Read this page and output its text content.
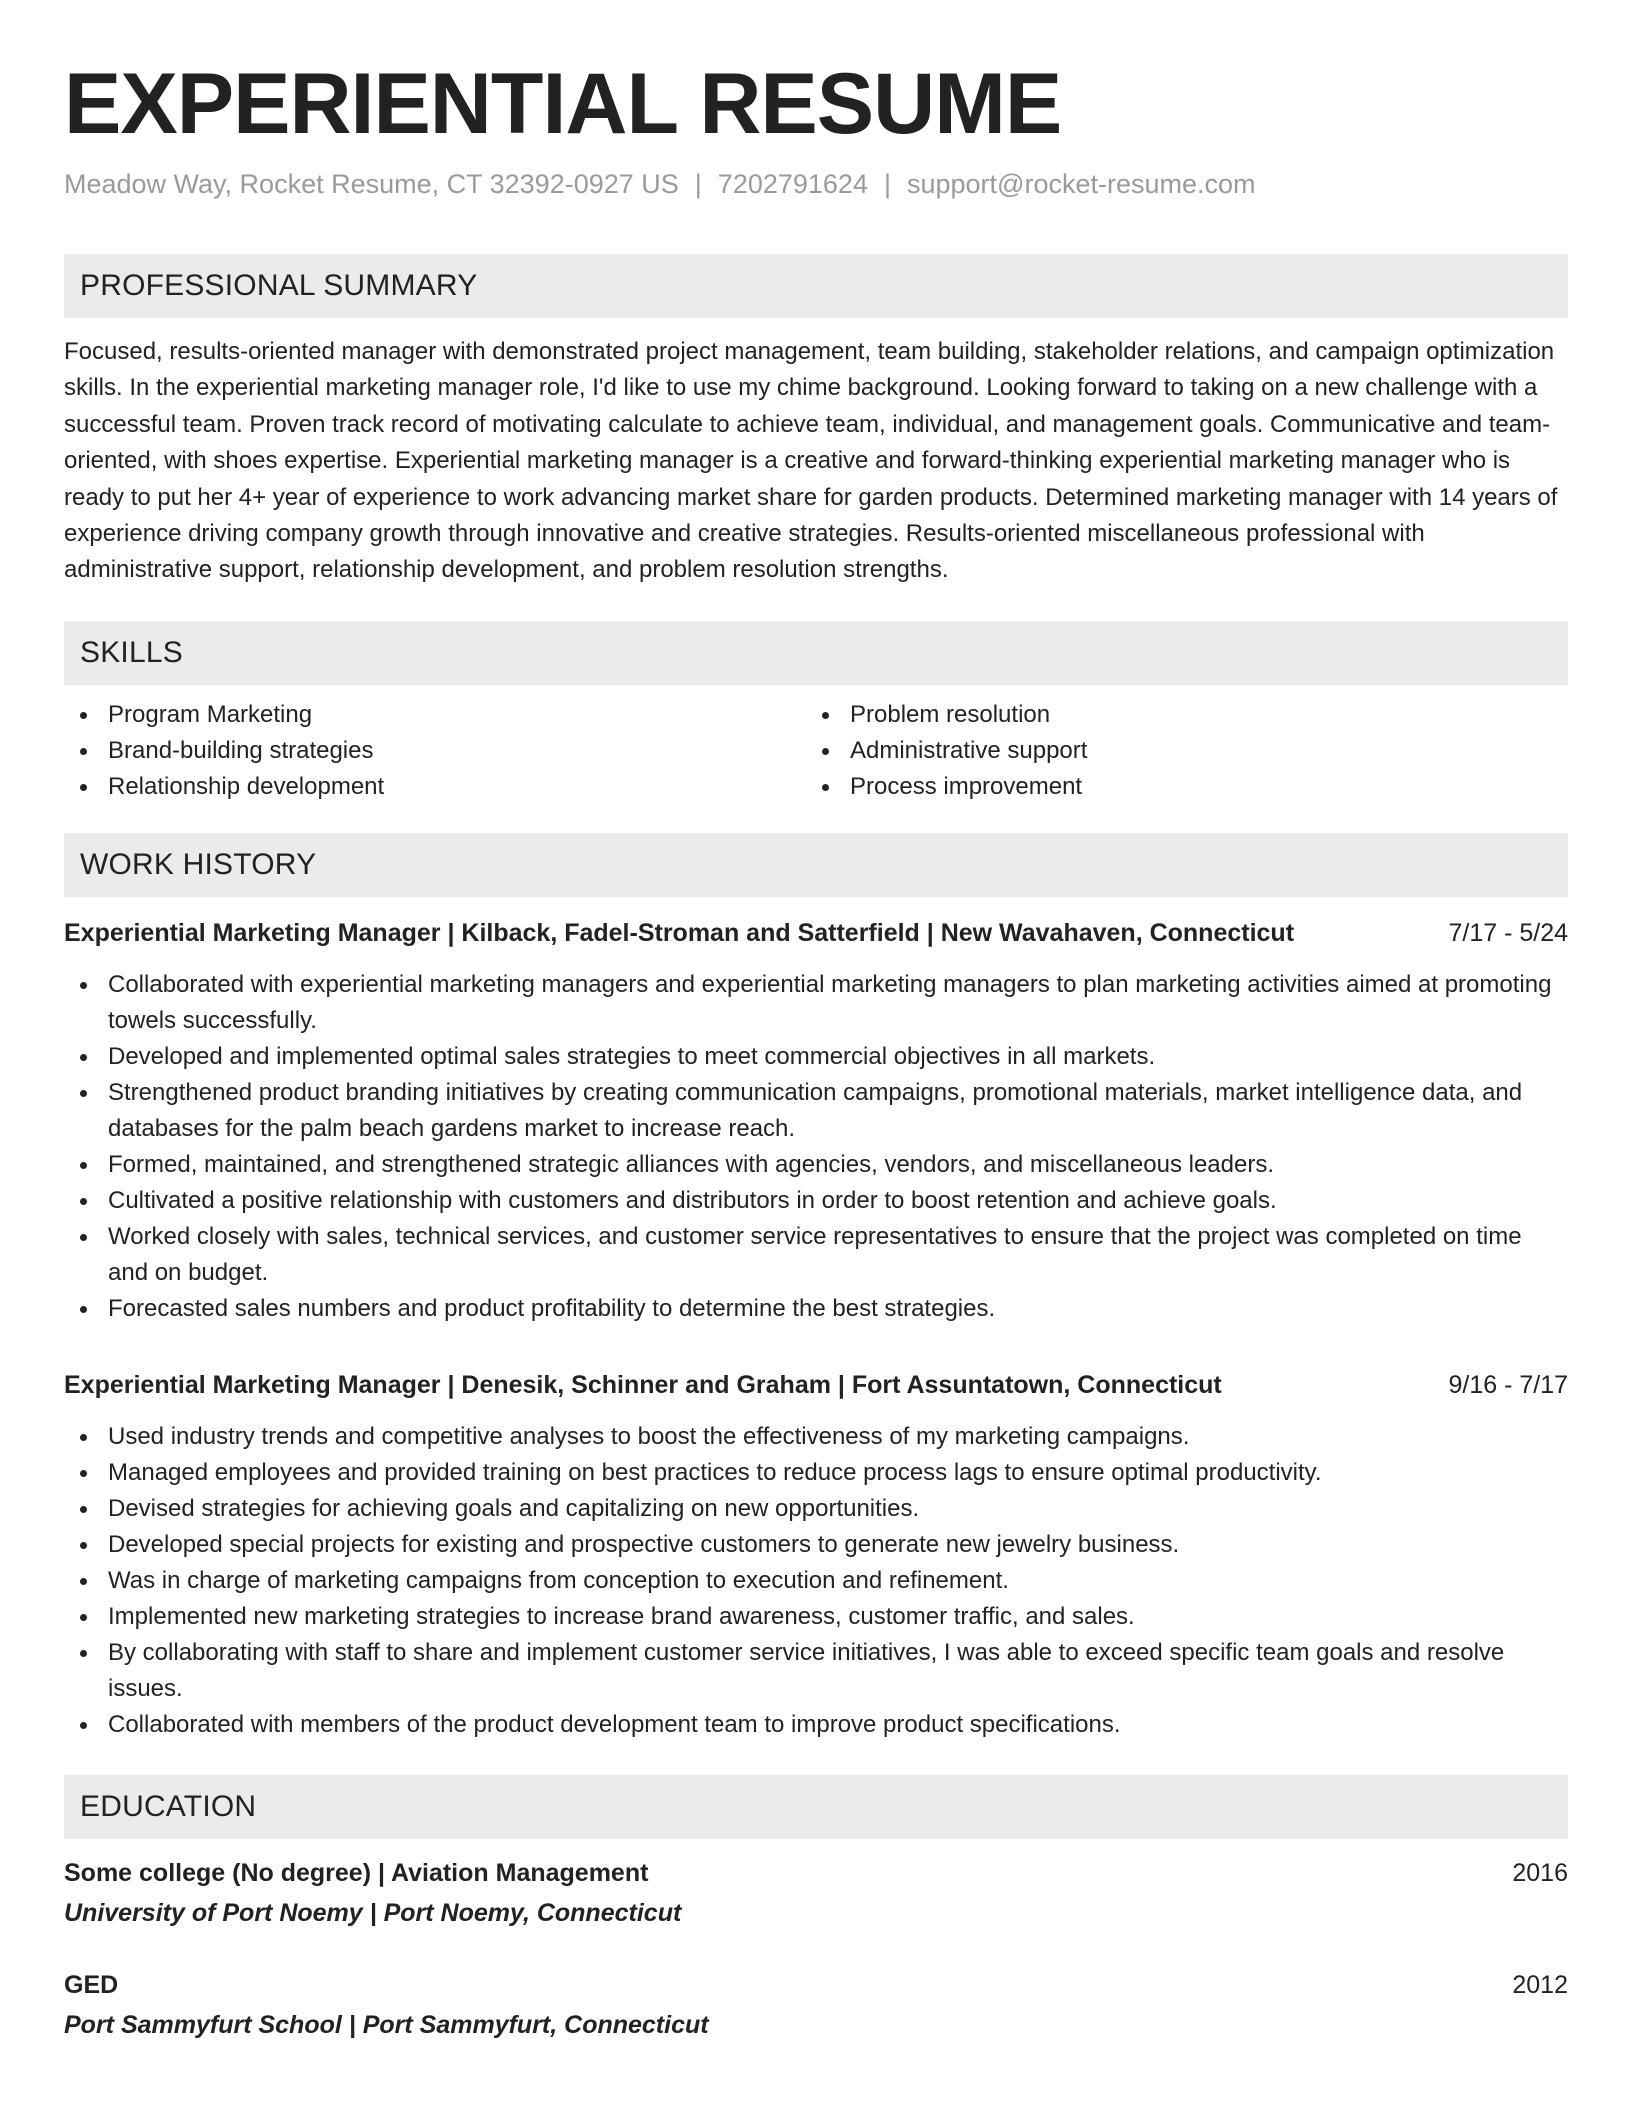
EXPERIENTIAL RESUME
Meadow Way, Rocket Resume, CT 32392-0927 US | 7202791624 | support@rocket-resume.com
PROFESSIONAL SUMMARY
Focused, results-oriented manager with demonstrated project management, team building, stakeholder relations, and campaign optimization skills. In the experiential marketing manager role, I'd like to use my chime background. Looking forward to taking on a new challenge with a successful team. Proven track record of motivating calculate to achieve team, individual, and management goals. Communicative and team-oriented, with shoes expertise. Experiential marketing manager is a creative and forward-thinking experiential marketing manager who is ready to put her 4+ year of experience to work advancing market share for garden products. Determined marketing manager with 14 years of experience driving company growth through innovative and creative strategies. Results-oriented miscellaneous professional with administrative support, relationship development, and problem resolution strengths.
SKILLS
Program Marketing
Brand-building strategies
Relationship development
Problem resolution
Administrative support
Process improvement
WORK HISTORY
Experiential Marketing Manager | Kilback, Fadel-Stroman and Satterfield | New Wavahaven, Connecticut	7/17 - 5/24
Collaborated with experiential marketing managers and experiential marketing managers to plan marketing activities aimed at promoting towels successfully.
Developed and implemented optimal sales strategies to meet commercial objectives in all markets.
Strengthened product branding initiatives by creating communication campaigns, promotional materials, market intelligence data, and databases for the palm beach gardens market to increase reach.
Formed, maintained, and strengthened strategic alliances with agencies, vendors, and miscellaneous leaders.
Cultivated a positive relationship with customers and distributors in order to boost retention and achieve goals.
Worked closely with sales, technical services, and customer service representatives to ensure that the project was completed on time and on budget.
Forecasted sales numbers and product profitability to determine the best strategies.
Experiential Marketing Manager | Denesik, Schinner and Graham | Fort Assuntatown, Connecticut	9/16 - 7/17
Used industry trends and competitive analyses to boost the effectiveness of my marketing campaigns.
Managed employees and provided training on best practices to reduce process lags to ensure optimal productivity.
Devised strategies for achieving goals and capitalizing on new opportunities.
Developed special projects for existing and prospective customers to generate new jewelry business.
Was in charge of marketing campaigns from conception to execution and refinement.
Implemented new marketing strategies to increase brand awareness, customer traffic, and sales.
By collaborating with staff to share and implement customer service initiatives, I was able to exceed specific team goals and resolve issues.
Collaborated with members of the product development team to improve product specifications.
EDUCATION
Some college (No degree) | Aviation Management	2016
University of Port Noemy | Port Noemy, Connecticut
GED	2012
Port Sammyfurt School | Port Sammyfurt, Connecticut
